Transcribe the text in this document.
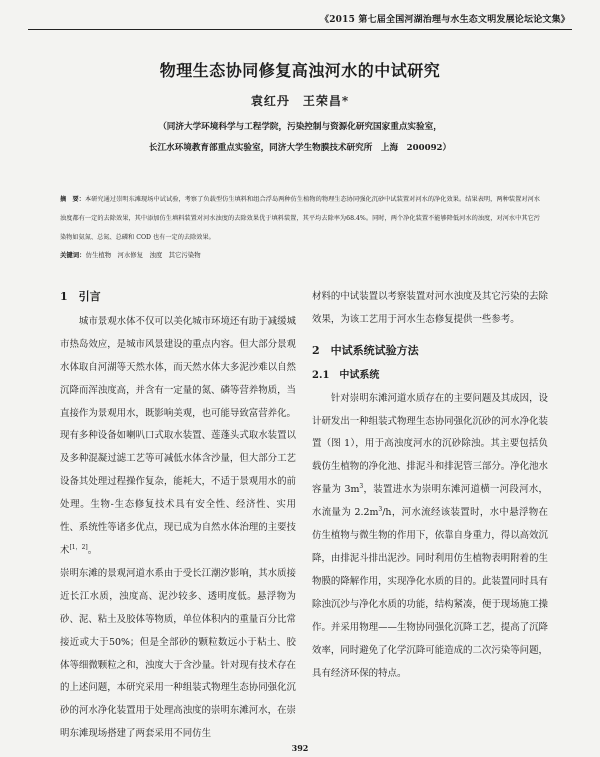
《2015 第七届全国河湖治理与水生态文明发展论坛论文集》
物理生态协同修复高浊河水的中试研究
袁红丹　王荣昌*
（同济大学环境科学与工程学院，污染控制与资源化研究国家重点实验室，
长江水环境教育部重点实验室，同济大学生物膜技术研究所　上海　200092）
摘　要：本研究通过崇明东滩现场中试试验，考察了负载型仿生填料和组合浮岛两种仿生植物的物理生态协同强化沉砂中试装置对河水的净化效果。结果表明，两种装置对河水浊度都有一定的去除效果，其中添加仿生填料装置对河水浊度的去除效果优于填料装置，其平均去除率为68.4%。同时，两个净化装置不能够降低河水的浊度，对河水中其它污染物如氨氮、总氮、总磷和 COD 也有一定的去除效果。
关键词：仿生植物　河水修复　浊度　其它污染物
1　引言

城市景观水体不仅可以美化城市环境还有助于减缓城市热岛效应，是城市风景建设的重点内容。但大部分景观水体取自河湖等天然水体，而天然水体大多泥沙难以自然沉降而浑浊度高，并含有一定量的氮、磷等营养物质，当直接作为景观用水，既影响美观，也可能导致富营养化。现有多种设备如喇叭口式取水装置、莲蓬头式取水装置以及多种混凝过滤工艺等可减低水体含沙量，但大部分工艺设备其处理过程操作复杂，能耗大，不适于景观用水的前处理。生物-生态修复技术具有安全性、经济性、实用性、系统性等诸多优点，现已成为自然水体治理的主要技术[1，2]。

崇明东滩的景观河道水系由于受长江潮汐影响，其水质接近长江水质，浊度高、泥沙较多、透明度低。悬浮物为砂、泥、粘土及胶体等物质，单位体积内的重量百分比常接近或大于50%；但是全部砂的颗粒数远小于粘土、胶体等细微颗粒之和，浊度大于含沙量。针对现有技术存在的上述问题，本研究采用一种组装式物理生态协同强化沉砂的河水净化装置用于处理高浊度的崇明东滩河水，在崇明东滩现场搭建了两套采用不同仿生

材料的中试装置以考察装置对河水浊度及其它污染的去除效果，为该工艺用于河水生态修复提供一些参考。

2　中试系统试验方法
2.1　中试系统

针对崇明东滩河道水质存在的主要问题及其成因，设计研发出一种组装式物理生态协同强化沉砂的河水净化装置（图 1），用于高浊度河水的沉砂除浊。其主要包括负载仿生植物的净化池、排泥斗和排泥管三部分。净化池水容量为 $3m^3$，装置进水为崇明东滩河道横一河段河水，水流量为 $2.2m^3/h$，河水流经该装置时，水中悬浮物在仿生植物与微生物的作用下，依靠自身重力，得以高效沉降，由排泥斗排出泥沙。同时利用仿生植物表明附着的生物膜的降解作用，实现净化水质的目的。此装置同时具有除浊沉沙与净化水质的功能，结构紧凑，便于现场施工操作。并采用物理——生物协同强化沉降工艺，提高了沉降效率，同时避免了化学沉降可能造成的二次污染等问题，具有经济环保的特点。

392
